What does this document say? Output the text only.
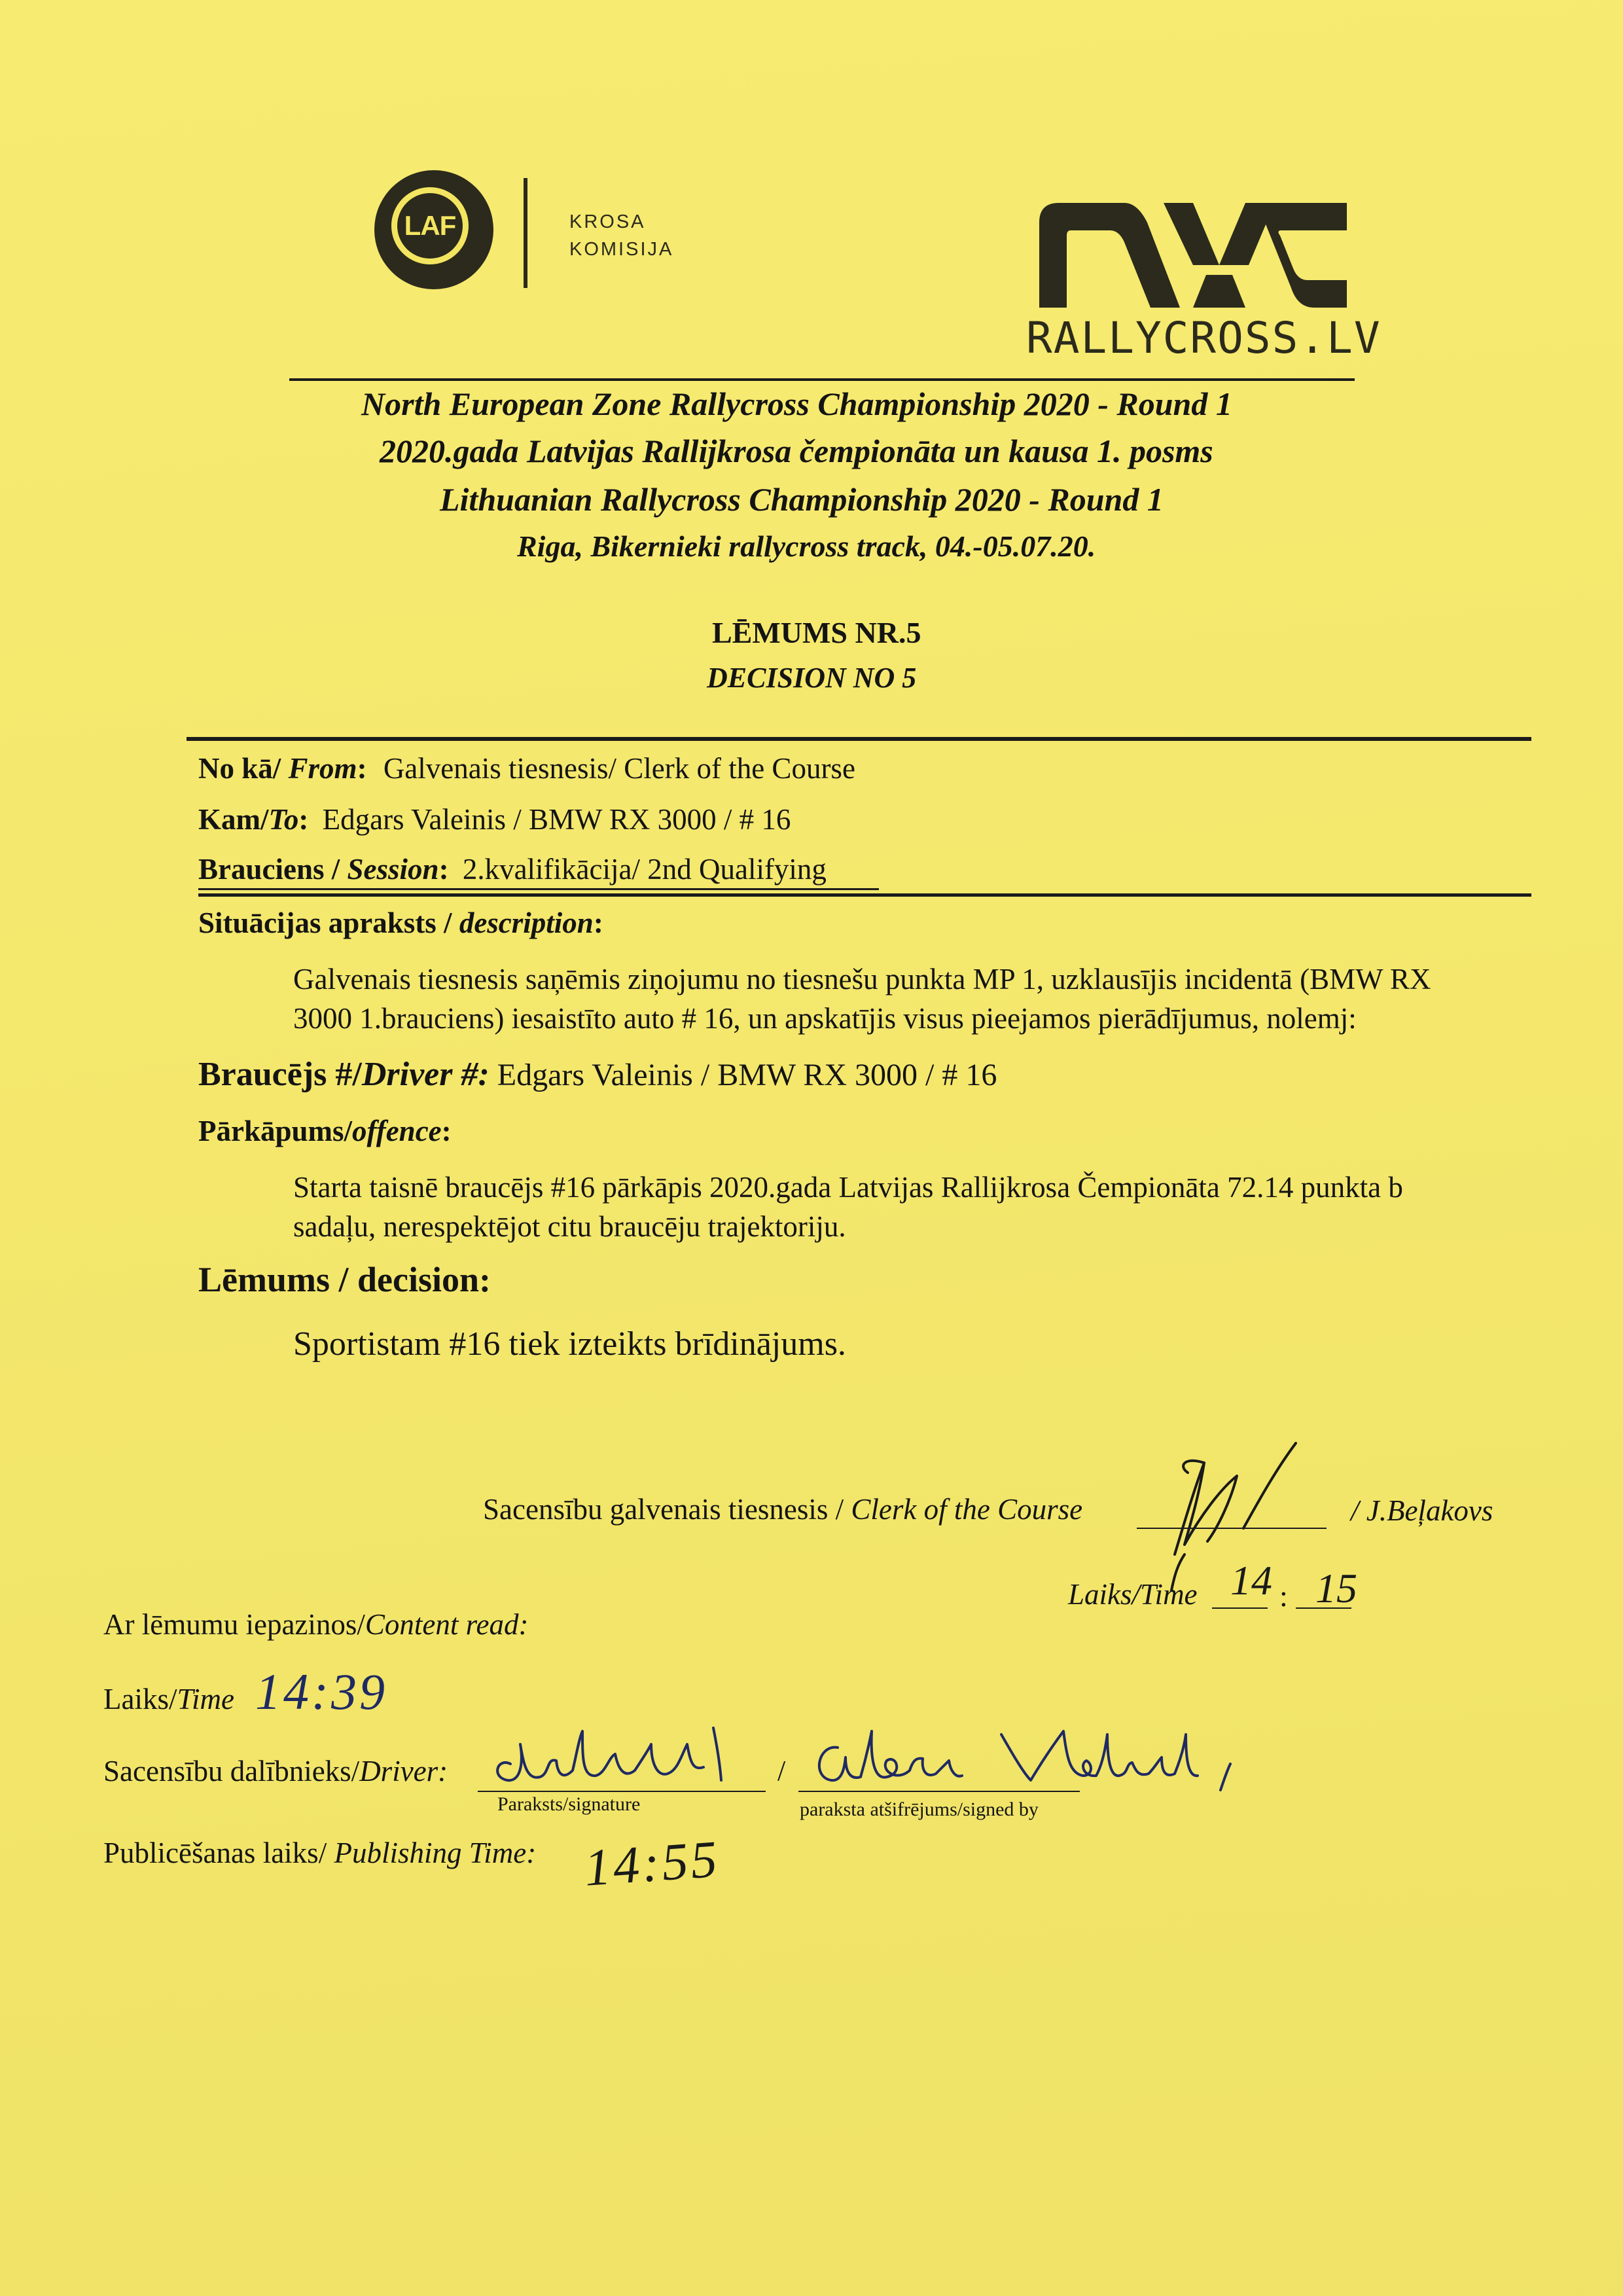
LAF	KROSA
KOMISIJA
RALLYCROSS.LV
North European Zone Rallycross Championship 2020 - Round 1
2020.gada Latvijas Rallijkrosa čempionāta un kausa 1. posms
Lithuanian Rallycross Championship 2020 - Round 1
Riga, Bikernieki rallycross track, 04.-05.07.20.
LĒMUMS NR.5
DECISION NO 5
No kā/ From: Galvenais tiesnesis/ Clerk of the Course
Kam/To: Edgars Valeinis / BMW RX 3000 / # 16
Brauciens / Session: 2.kvalifikācija/ 2nd Qualifying
Situācijas apraksts / description:
Galvenais tiesnesis saņēmis ziņojumu no tiesnešu punkta MP 1, uzklausījis incidentā (BMW RX
3000 1.brauciens) iesaistīto auto # 16, un apskatījis visus pieejamos pierādījumus, nolemj:
Braucējs #/Driver #: Edgars Valeinis / BMW RX 3000 / # 16
Pārkāpums/offence:
Starta taisnē braucējs #16 pārkāpis 2020.gada Latvijas Rallijkrosa Čempionāta 72.14 punkta b
sadaļu, nerespektējot citu braucēju trajektoriju.
Lēmums / decision:
Sportistam #16 tiek izteikts brīdinājums.
Sacensību galvenais tiesnesis / Clerk of the Course	/ J.Beļakovs
Laiks/Time 14 : 15
Ar lēmumu iepazinos/Content read:
Laiks/Time 14:39
Sacensību dalībnieks/Driver:	/
Paraksts/signature	paraksta atšifrējums/signed by
Publicēšanas laiks/ Publishing Time: 14:55
